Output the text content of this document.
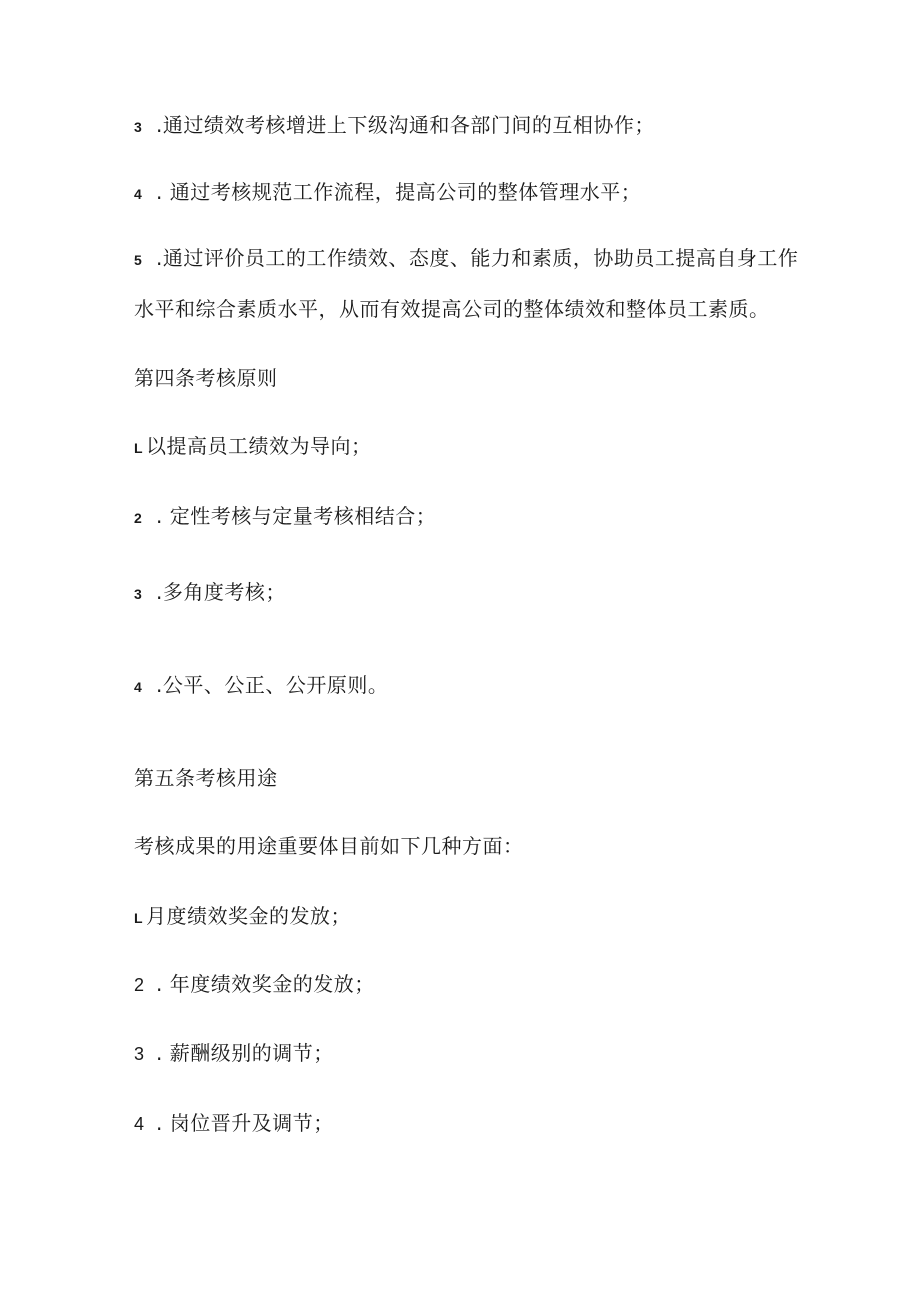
3 .通过绩效考核增进上下级沟通和各部门间的互相协作；
4 . 通过考核规范工作流程，提高公司的整体管理水平；
5 .通过评价员工的工作绩效、态度、能力和素质，协助员工提高自身工作
水平和综合素质水平，从而有效提高公司的整体绩效和整体员工素质。
第四条考核原则
L 以提高员工绩效为导向；
2 . 定性考核与定量考核相结合；
3 .多角度考核；
4 .公平、公正、公开原则。
第五条考核用途
考核成果的用途重要体目前如下几种方面：
L 月度绩效奖金的发放；
2 . 年度绩效奖金的发放；
3 . 薪酬级别的调节；
4 . 岗位晋升及调节；
